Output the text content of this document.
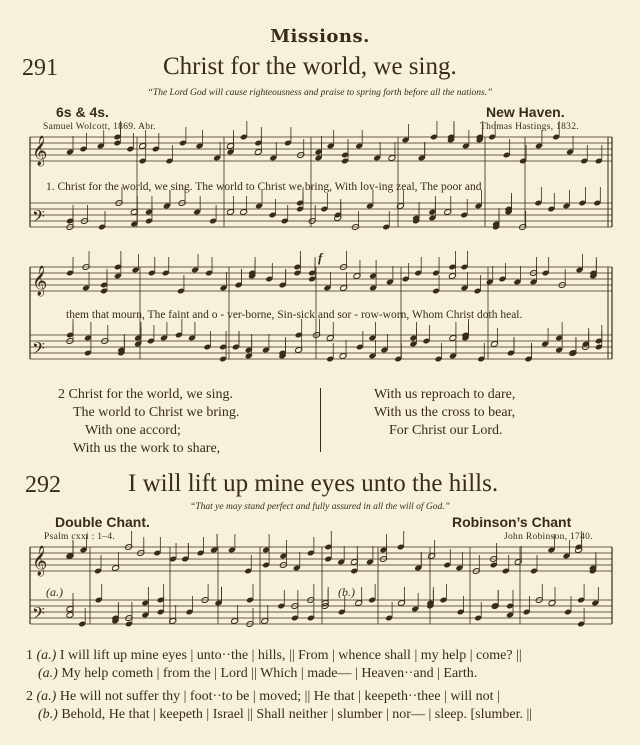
Missions.
291	Christ for the world, we sing.
“The Lord God will cause righteousness and praise to spring forth before all the nations.”
6s & 4s.	New Haven.
Samuel Wolcott, 1869. Abr.	Thomas Hastings, 1832.
𝄞
𝄢
𝄞
𝄢
𝄞
𝄢
1. Christ for the world, we sing. The world to Christ we bring, With lov-ing zeal, The poor and
them that mourn, The faint and o - ver-borne, Sin-sick and sor - row-worn, Whom Christ doth heal.
f
2 Christ for the world, we sing.
The world to Christ we bring.
With one accord;
With us the work to share,
With us reproach to dare,
With us the cross to bear,
For Christ our Lord.
292	I will lift up mine eyes unto the hills.
“That ye may stand perfect and fully assured in all the will of God.”
Double Chant.	Robinson’s Chant
Psalm cxxi : 1–4.	John Robinson, 1740.
(a.)	(b.)
1 (a.) I will lift up mine eyes | unto··the | hills, || From | whence shall | my help | come? ||
(a.) My help cometh | from the | Lord || Which | made— | Heaven··and | Earth.
2 (a.) He will not suffer thy | foot··to be | moved; || He that | keepeth··thee | will not |
(b.) Behold, He that | keepeth | Israel || Shall neither | slumber | nor— | sleep. [slumber. ||
